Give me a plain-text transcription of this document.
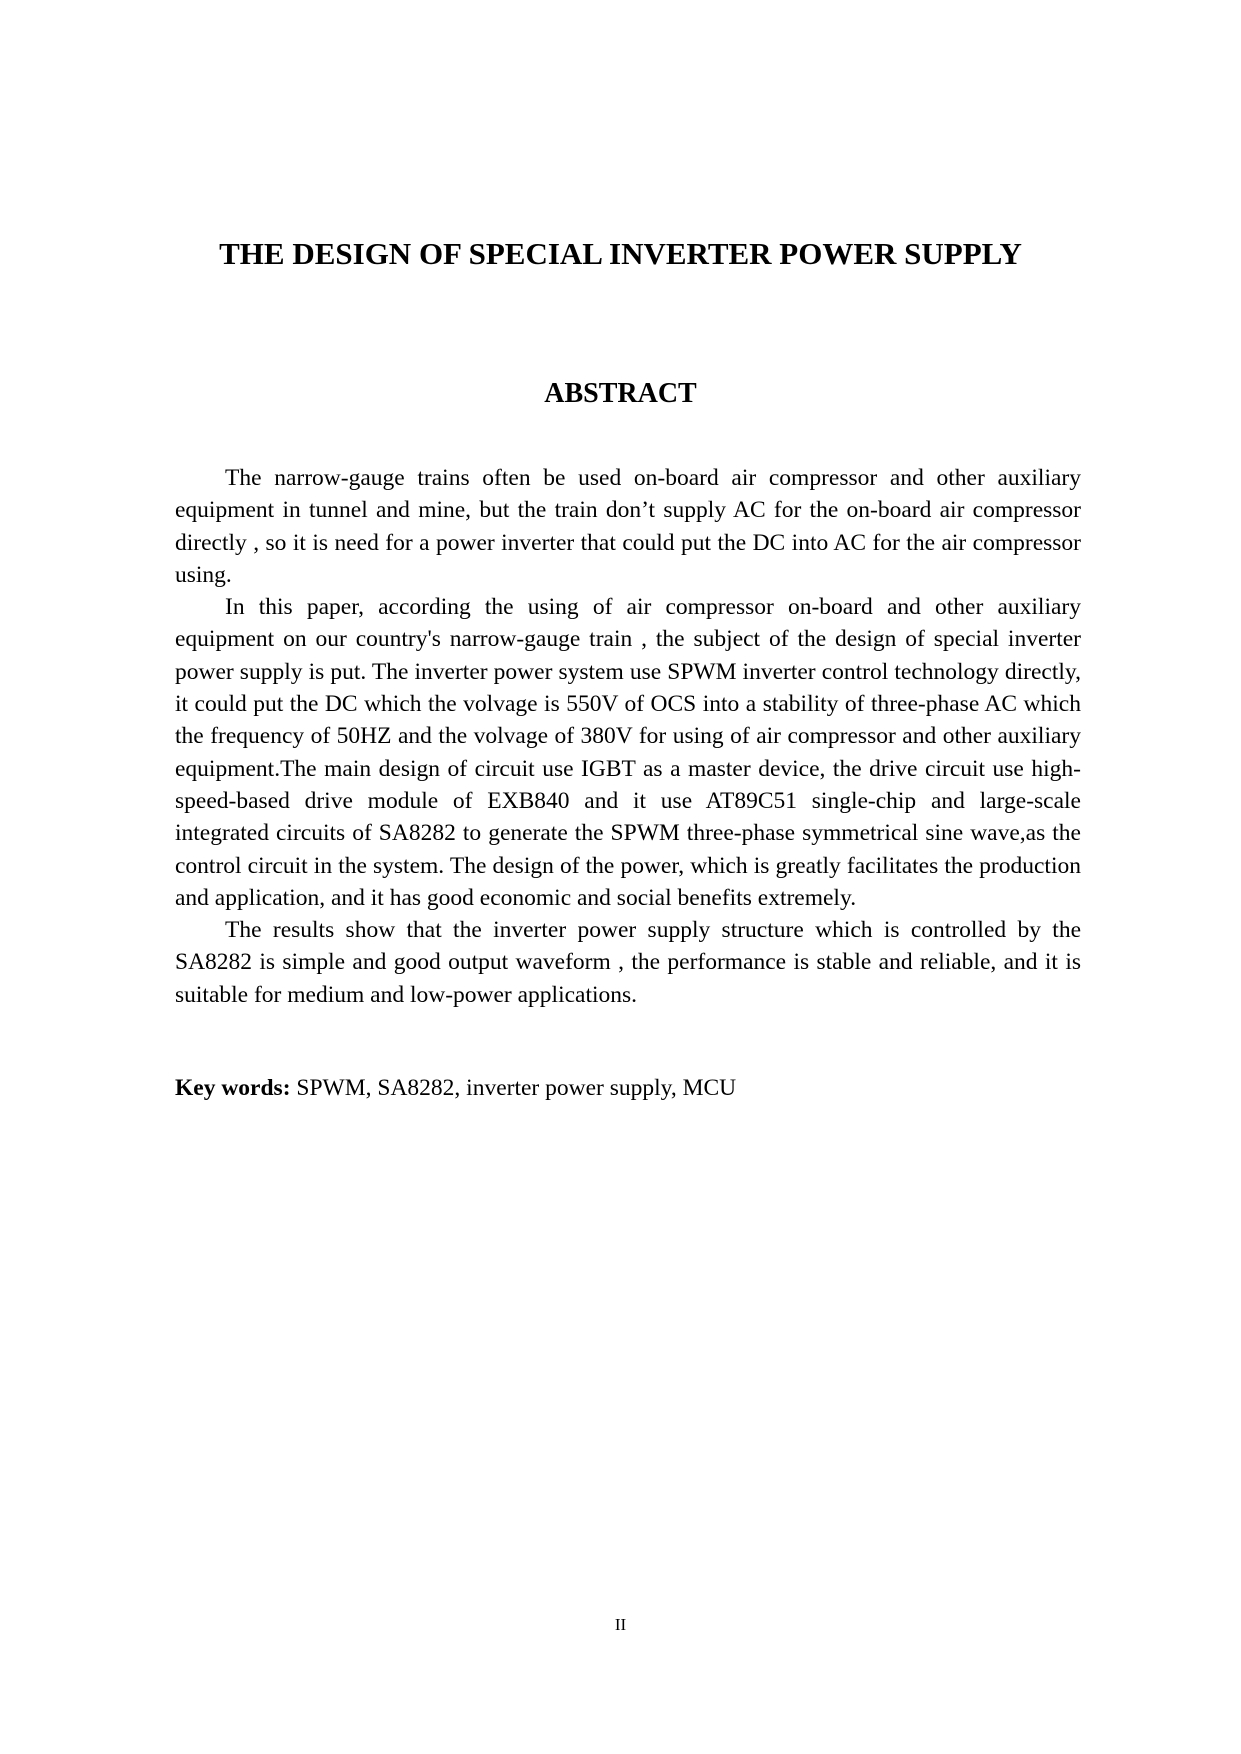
THE DESIGN OF SPECIAL INVERTER POWER SUPPLY
ABSTRACT

The narrow-gauge trains often be used on-board air compressor and other auxiliary equipment in tunnel and mine, but the train don’t supply AC for the on-board air compressor directly , so it is need for a power inverter that could put the DC into AC for the air compressor using.

In this paper, according the using of air compressor on-board and other auxiliary equipment on our country's narrow-gauge train , the subject of the design of special inverter power supply is put. The inverter power system use SPWM inverter control technology directly, it could put the DC which the volvage is 550V of OCS into a stability of three-phase AC which the frequency of 50HZ and the volvage of 380V for using of air compressor and other auxiliary equipment.The main design of circuit use IGBT as a master device, the drive circuit use high-speed-based drive module of EXB840 and it use AT89C51 single-chip and large-scale integrated circuits of SA8282 to generate the SPWM three-phase symmetrical sine wave,as the control circuit in the system. The design of the power, which is greatly facilitates the production and application, and it has good economic and social benefits extremely.

The results show that the inverter power supply structure which is controlled by the SA8282 is simple and good output waveform , the performance is stable and reliable, and it is suitable for medium and low-power applications.

Key words: SPWM, SA8282, inverter power supply, MCU

II
